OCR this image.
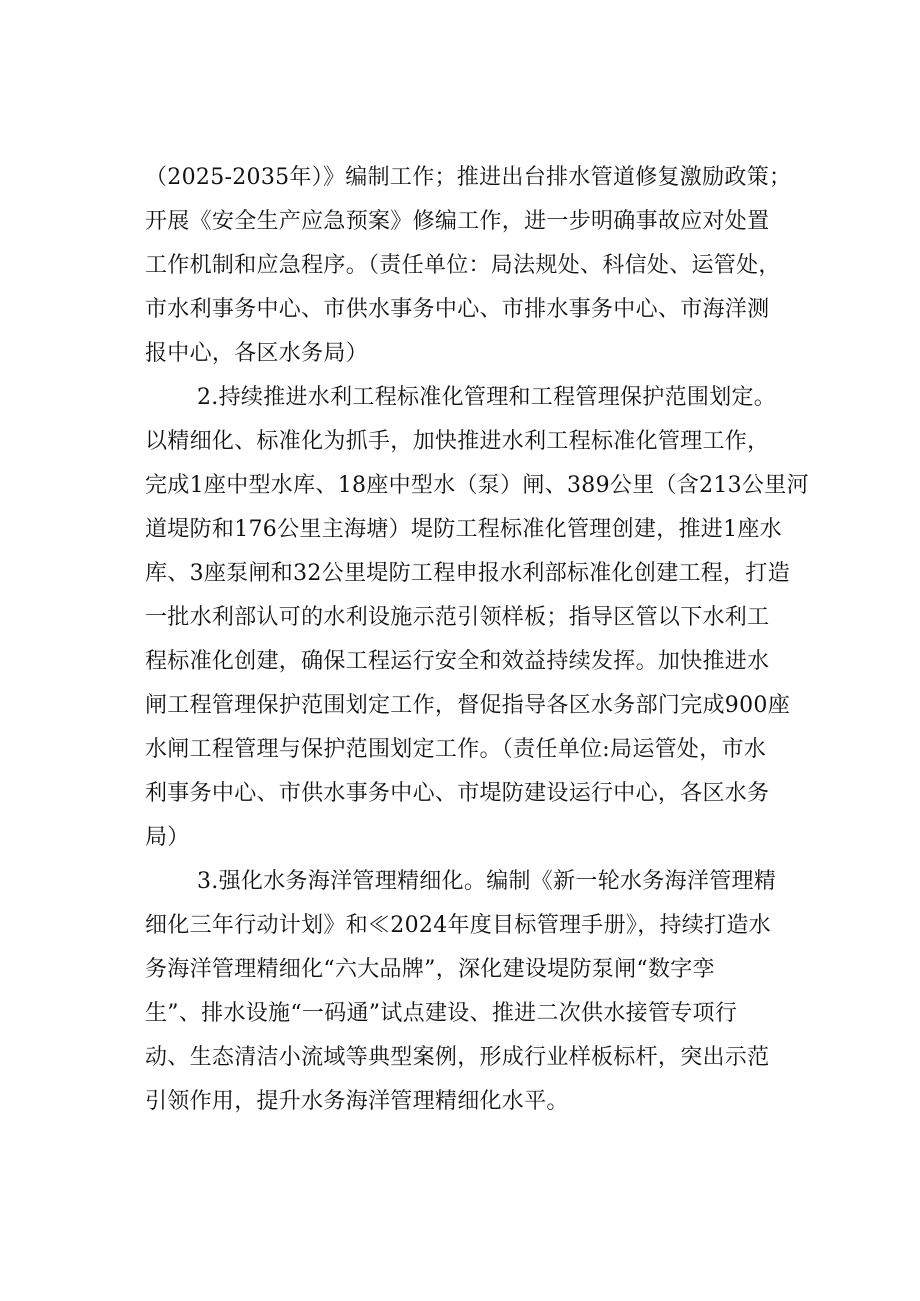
（2025-2035年）》编制工作；推进出台排水管道修复激励政策；
开展《安全生产应急预案》修编工作，进一步明确事故应对处置
工作机制和应急程序。（责任单位：局法规处、科信处、运管处，
市水利事务中心、市供水事务中心、市排水事务中心、市海洋测
报中心，各区水务局）
2.持续推进水利工程标准化管理和工程管理保护范围划定。
以精细化、标准化为抓手，加快推进水利工程标准化管理工作，
完成1座中型水库、18座中型水（泵）闸、389公里（含213公里河
道堤防和176公里主海塘）堤防工程标准化管理创建，推进1座水
库、3座泵闸和32公里堤防工程申报水利部标准化创建工程，打造
一批水利部认可的水利设施示范引领样板；指导区管以下水利工
程标准化创建，确保工程运行安全和效益持续发挥。加快推进水
闸工程管理保护范围划定工作，督促指导各区水务部门完成900座
水闸工程管理与保护范围划定工作。（责任单位:局运管处，市水
利事务中心、市供水事务中心、市堤防建设运行中心，各区水务
局）
3.强化水务海洋管理精细化。编制《新一轮水务海洋管理精
细化三年行动计划》和≪2024年度目标管理手册》，持续打造水
务海洋管理精细化“六大品牌”，深化建设堤防泵闸“数字孪
生”、排水设施“一码通”试点建设、推进二次供水接管专项行
动、生态清洁小流域等典型案例，形成行业样板标杆，突出示范
引领作用，提升水务海洋管理精细化水平。
